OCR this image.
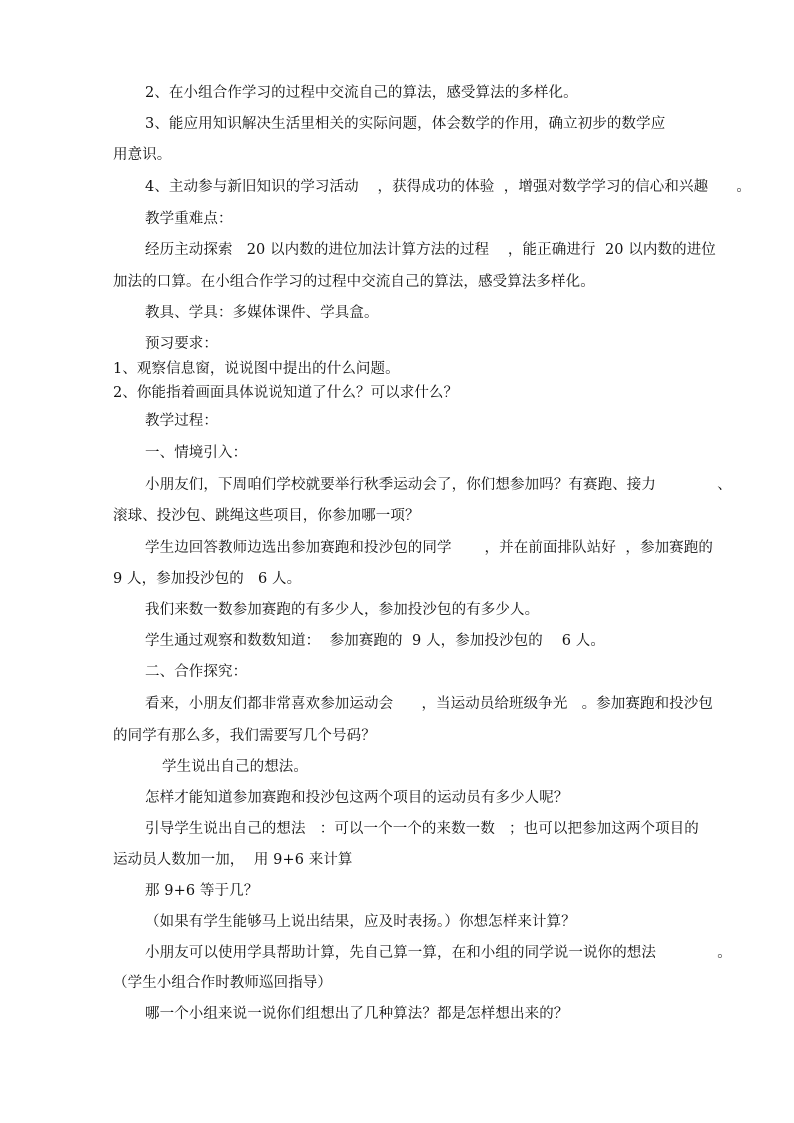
2、在小组合作学习的过程中交流自己的算法，感受算法的多样化。
3、能应用知识解决生活里相关的实际问题，体会数学的作用，确立初步的数学应
用意识。
4、主动参与新旧知识的学习活动    ，获得成功的体验  ，增强对数学学习的信心和兴趣      。
教学重难点：
经历主动探索   20 以内数的进位加法计算方法的过程    ，能正确进行  20 以内数的进位
加法的口算。在小组合作学习的过程中交流自己的算法，感受算法多样化。
教具、学具：多媒体课件、学具盒。
预习要求：
1、观察信息窗，说说图中提出的什么问题。
2、你能指着画面具体说说知道了什么？可以求什么？
教学过程：
一、情境引入：
小朋友们，下周咱们学校就要举行秋季运动会了，你们想参加吗？有赛跑、接力             、
滚球、投沙包、跳绳这些项目，你参加哪一项？
学生边回答教师边选出参加赛跑和投沙包的同学       ，并在前面排队站好  ，参加赛跑的
9 人，参加投沙包的   6 人。
我们来数一数参加赛跑的有多少人，参加投沙包的有多少人。
学生通过观察和数数知道：  参加赛跑的  9 人，参加投沙包的    6 人。
二、合作探究：
看来，小朋友们都非常喜欢参加运动会      ，当运动员给班级争光   。参加赛跑和投沙包
的同学有那么多，我们需要写几个号码？
学生说出自己的想法。
怎样才能知道参加赛跑和投沙包这两个项目的运动员有多少人呢？
引导学生说出自己的想法   ：可以一个一个的来数一数   ；也可以把参加这两个项目的
运动员人数加一加，  用 9+6 来计算
那 9+6 等于几？
（如果有学生能够马上说出结果，应及时表扬。）你想怎样来计算？
小朋友可以使用学具帮助计算，先自己算一算，在和小组的同学说一说你的想法             。
（学生小组合作时教师巡回指导）
哪一个小组来说一说你们组想出了几种算法？都是怎样想出来的？
